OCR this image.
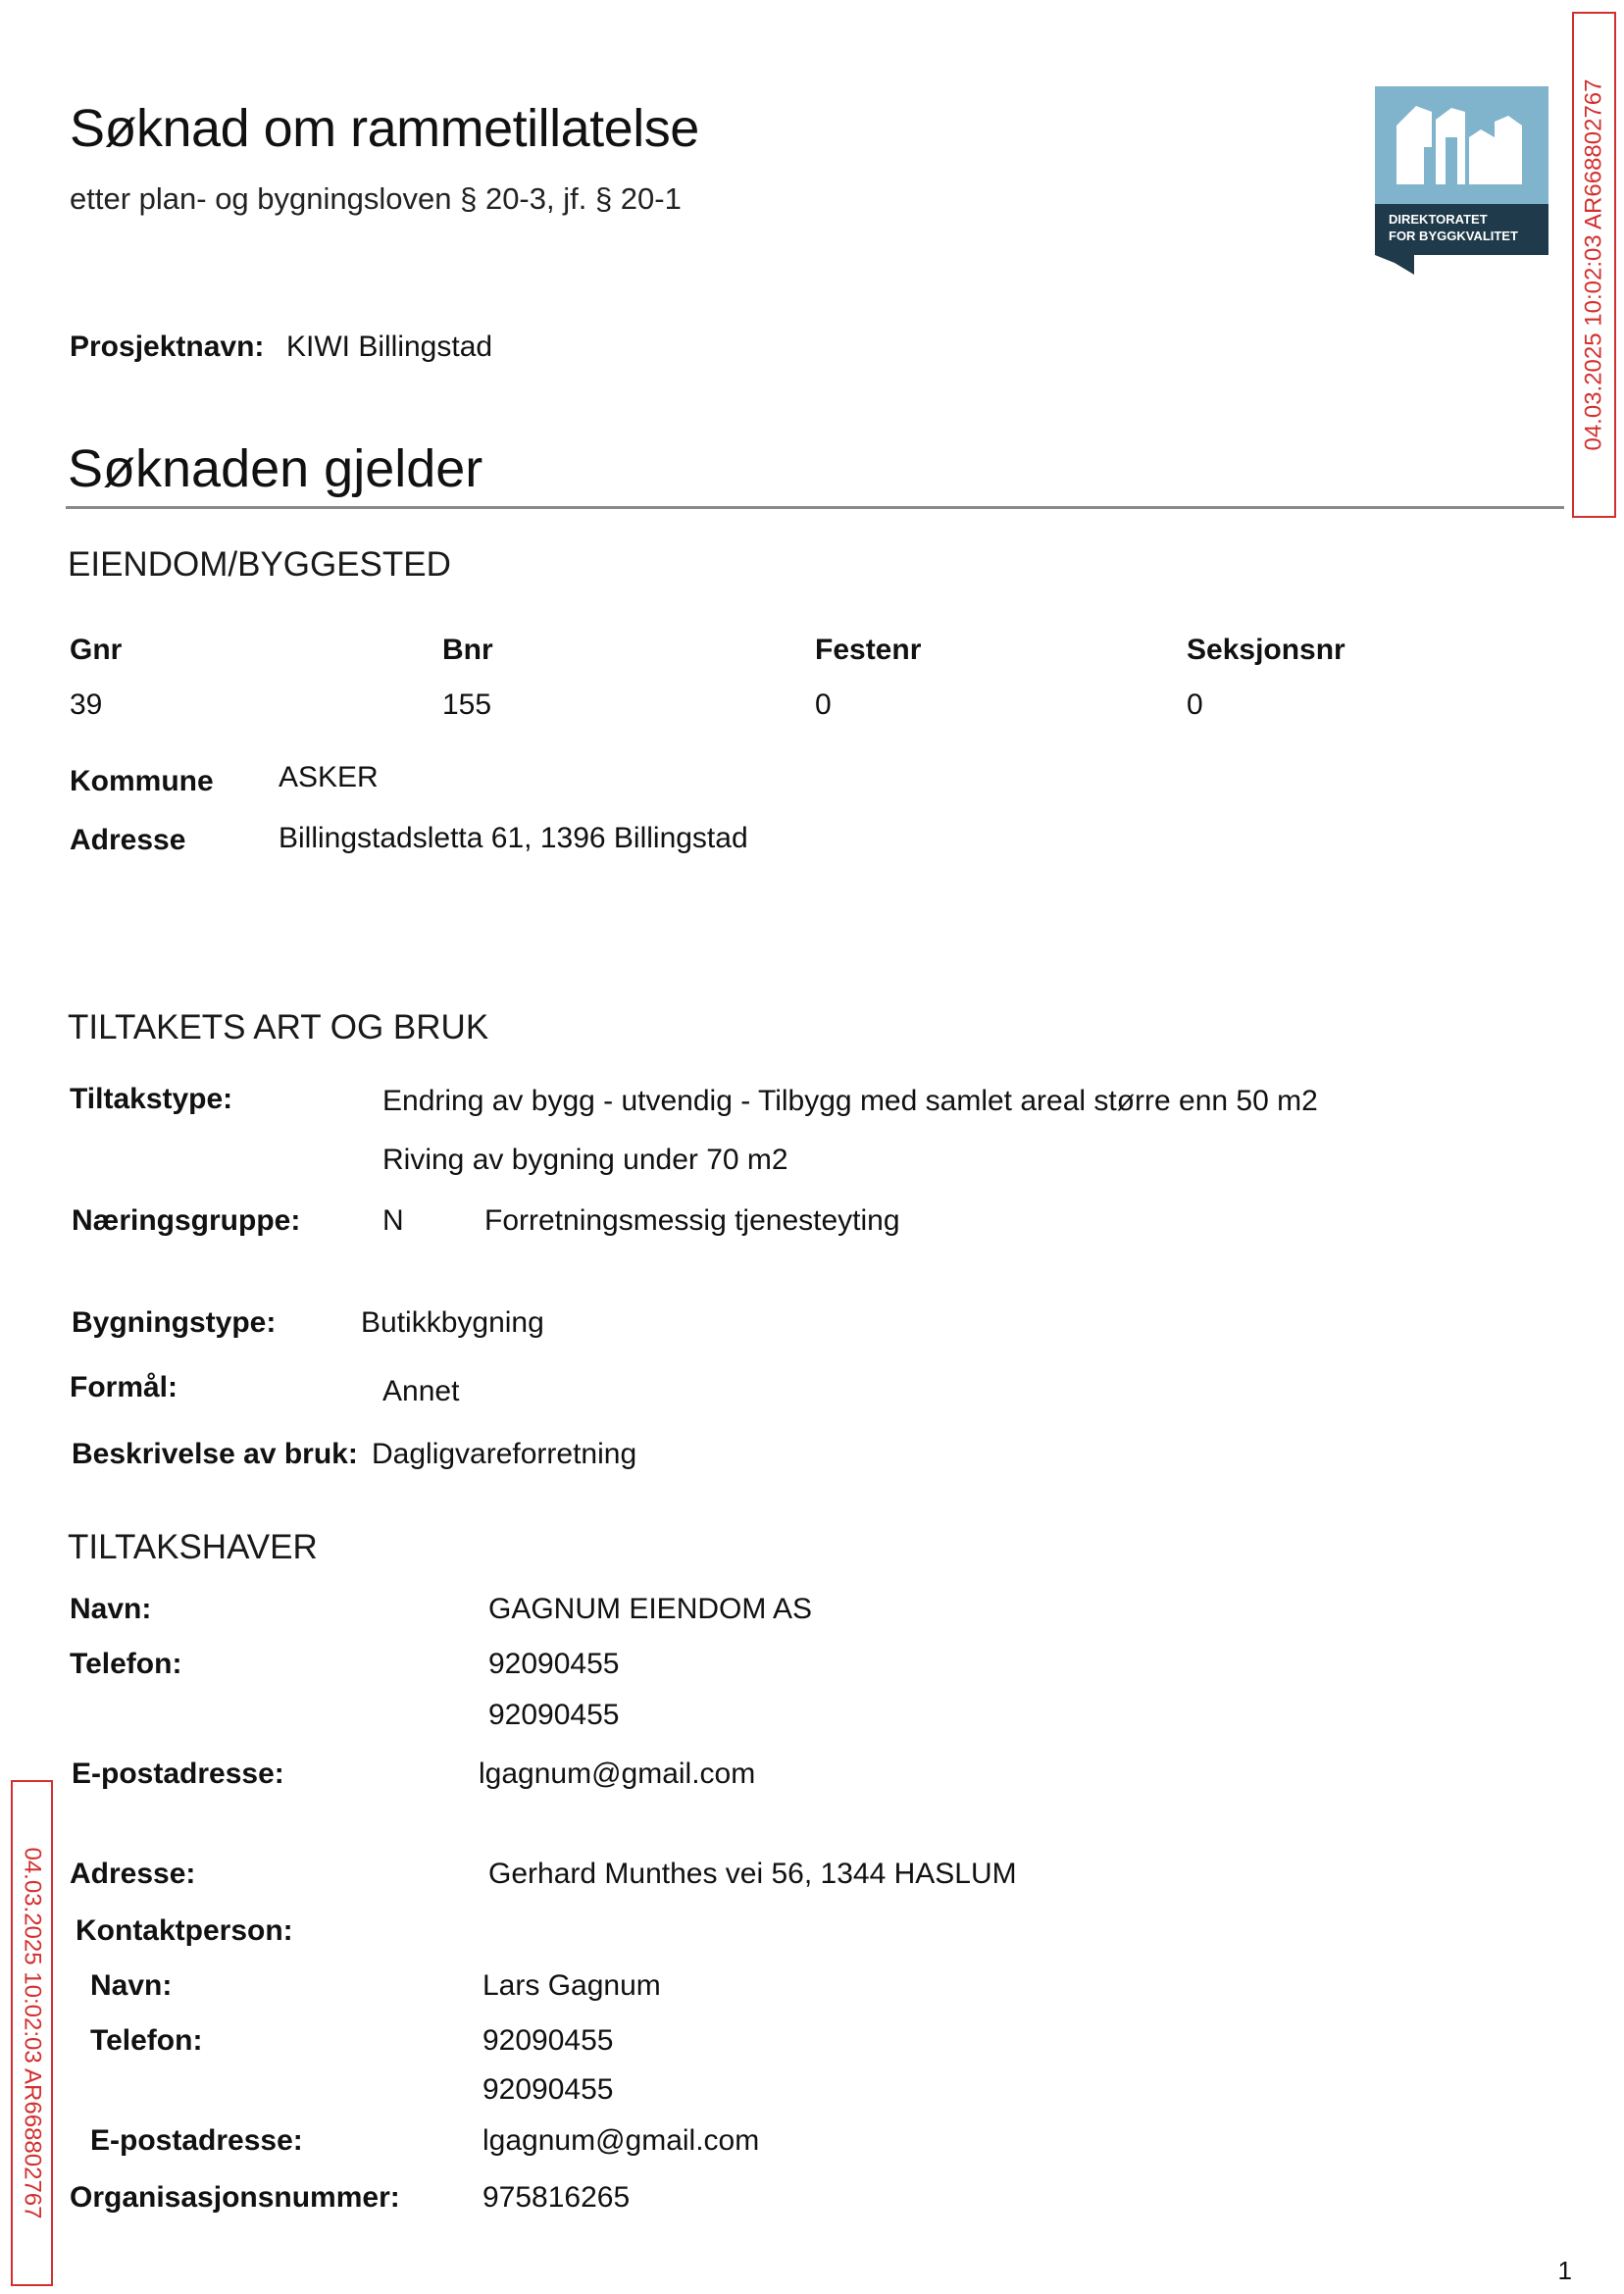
Søknad om rammetillatelse
etter plan- og bygningsloven § 20-3, jf. § 20-1
DIREKTORATET
FOR BYGGKVALITET	04.03.2025 10:02:03 AR668802767
04.03.2025 10:02:03 AR668802767
Prosjektnavn: KIWI Billingstad
Søknaden gjelder
EIENDOM/BYGGESTED
Gnr
39
Bnr
155
Festenr
0
Seksjonsnr
0
Kommune ASKER
Adresse	Billingstadsletta 61, 1396 Billingstad
TILTAKETS ART OG BRUK
Tiltakstype:	Endring av bygg - utvendig - Tilbygg med samlet areal større enn 50 m2
Riving av bygning under 70 m2
Næringsgruppe:	N	Forretningsmessig tjenesteyting
Bygningstype:	Butikkbygning
Formål:	Annet
Beskrivelse av bruk: Dagligvareforretning
TILTAKSHAVER
Navn:	GAGNUM EIENDOM AS
Telefon:	92090455
92090455
E-postadresse:	lgagnum@gmail.com
Adresse:	Gerhard Munthes vei 56, 1344 HASLUM
Kontaktperson:
Navn:	Lars Gagnum
Telefon:	92090455
92090455
E-postadresse:	lgagnum@gmail.com
Organisasjonsnummer:	975816265
1
